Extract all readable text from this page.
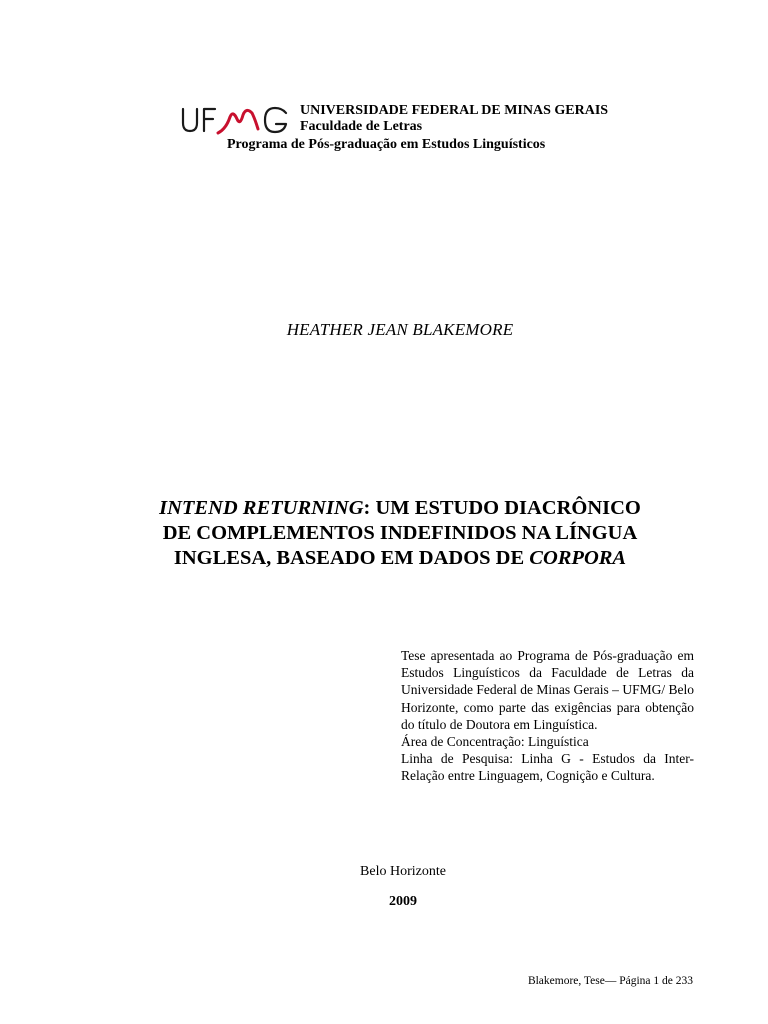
UNIVERSIDADE FEDERAL DE MINAS GERAIS
Faculdade de Letras
Programa de Pós-graduação em Estudos Linguísticos
HEATHER JEAN BLAKEMORE
INTEND RETURNING: UM ESTUDO DIACRÔNICO
DE COMPLEMENTOS INDEFINIDOS NA LÍNGUA
INGLESA, BASEADO EM DADOS DE CORPORA

Tese apresentada ao Programa de Pós-graduação em Estudos Linguísticos da Faculdade de Letras da Universidade Federal de Minas Gerais – UFMG/ Belo Horizonte, como parte das exigências para obtenção do título de Doutora em Linguística.

Área de Concentração: Linguística

Linha de Pesquisa: Linha G - Estudos da Inter-Relação entre Linguagem, Cognição e Cultura.

Belo Horizonte
2009
Blakemore, Tese— Página 1 de 233
